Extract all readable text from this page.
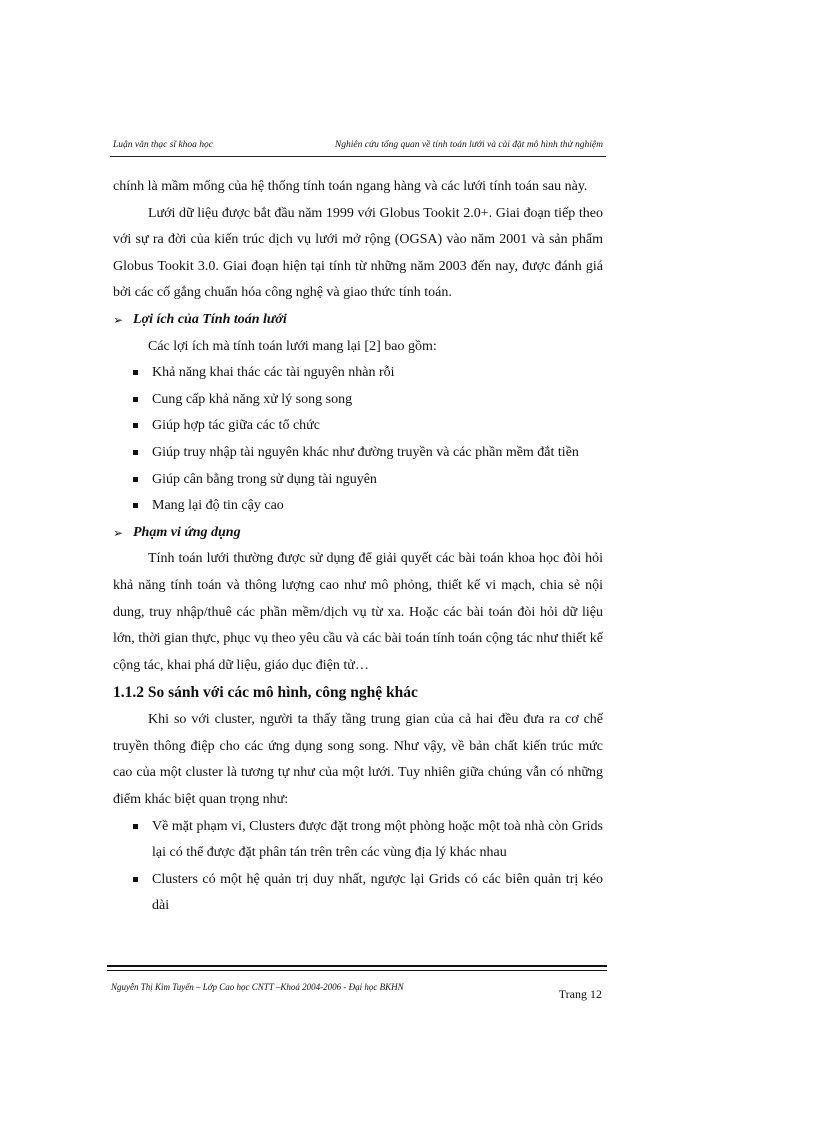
Luận văn thạc sĩ khoa học	Nghiên cứu tổng quan về tính toán lưới và cài đặt mô hình thử nghiệm

chính là mầm mống của hệ thống tính toán ngang hàng và các lưới tính toán sau này.

Lưới dữ liệu được bắt đầu năm 1999 với Globus Tookit 2.0+. Giai đoạn tiếp theo với sự ra đời của kiến trúc dịch vụ lưới mở rộng (OGSA) vào năm 2001 và sản phẩm Globus Tookit 3.0. Giai đoạn hiện tại tính từ những năm 2003 đến nay, được đánh giá bởi các cố gắng chuẩn hóa công nghệ và giao thức tính toán.

➢ Lợi ích của Tính toán lưới

Các lợi ích mà tính toán lưới mang lại [2] bao gồm:

Khả năng khai thác các tài nguyên nhàn rỗi
Cung cấp khả năng xử lý song song
Giúp hợp tác giữa các tổ chức
Giúp truy nhập tài nguyên khác như đường truyền và các phần mềm đắt tiền
Giúp cân bằng trong sử dụng tài nguyên
Mang lại độ tin cậy cao

➢ Phạm vi ứng dụng

Tính toán lưới thường được sử dụng để giải quyết các bài toán khoa học đòi hỏi khả năng tính toán và thông lượng cao như mô phỏng, thiết kế vi mạch, chia sẻ nội dung, truy nhập/thuê các phần mềm/dịch vụ từ xa. Hoặc các bài toán đòi hỏi dữ liệu lớn, thời gian thực, phục vụ theo yêu cầu và các bài toán tính toán cộng tác như thiết kế cộng tác, khai phá dữ liệu, giáo dục điện tử…

1.1.2 So sánh với các mô hình, công nghệ khác

Khi so với cluster, người ta thấy tầng trung gian của cả hai đều đưa ra cơ chế truyền thông điệp cho các ứng dụng song song. Như vậy, về bản chất kiến trúc mức cao của một cluster là tương tự như của một lưới. Tuy nhiên giữa chúng vẫn có những điểm khác biệt quan trọng như:

Về mặt phạm vi, Clusters được đặt trong một phòng hoặc một toà nhà còn Grids lại có thể được đặt phân tán trên trên các vùng địa lý khác nhau
Clusters có một hệ quản trị duy nhất, ngược lại Grids có các biên quản trị kéo dài
Nguyễn Thị Kim Tuyến – Lớp Cao học CNTT –Khoá 2004-2006 - Đại học BKHN	Trang 12
